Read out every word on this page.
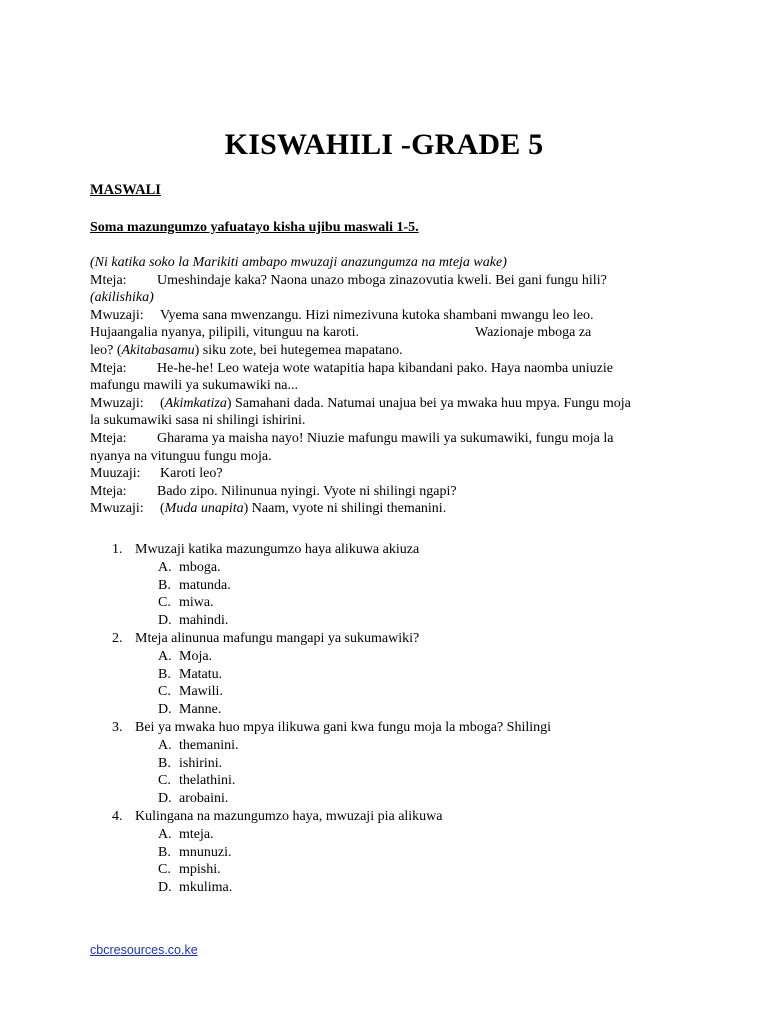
KISWAHILI -GRADE 5
MASWALI
Soma mazungumzo yafuatayo kisha ujibu maswali 1-5.
(Ni katika soko la Marikiti ambapo mwuzaji anazungumza na mteja wake)
Mteja: Umeshindaje kaka? Naona unazo mboga zinazovutia kweli. Bei gani fungu hili?
(akilishika)
Mwuzaji: Vyema sana mwenzangu. Hizi nimezivuna kutoka shambani mwangu leo leo.
Hujaangalia nyanya, pilipili, vitunguu na karoti.	Wazionaje mboga za
leo? (Akitabasamu) siku zote, bei hutegemea mapatano.
Mteja: He-he-he! Leo wateja wote watapitia hapa kibandani pako. Haya naomba uniuzie
mafungu mawili ya sukumawiki na...
Mwuzaji: (Akimkatiza) Samahani dada. Natumai unajua bei ya mwaka huu mpya. Fungu moja
la sukumawiki sasa ni shilingi ishirini.
Mteja: Gharama ya maisha nayo! Niuzie mafungu mawili ya sukumawiki, fungu moja la
nyanya na vitunguu fungu moja.
Muuzaji: Karoti leo?
Mteja: Bado zipo. Nilinunua nyingi. Vyote ni shilingi ngapi?
Mwuzaji: (Muda unapita) Naam, vyote ni shilingi themanini.
1. Mwuzaji katika mazungumzo haya alikuwa akiuza
A. mboga.
B. matunda.
C. miwa.
D. mahindi.
2. Mteja alinunua mafungu mangapi ya sukumawiki?
A. Moja.
B. Matatu.
C. Mawili.
D. Manne.
3. Bei ya mwaka huo mpya ilikuwa gani kwa fungu moja la mboga? Shilingi
A. themanini.
B. ishirini.
C. thelathini.
D. arobaini.
4. Kulingana na mazungumzo haya, mwuzaji pia alikuwa
A. mteja.
B. mnunuzi.
C. mpishi.
D. mkulima.
cbcresources.co.ke
